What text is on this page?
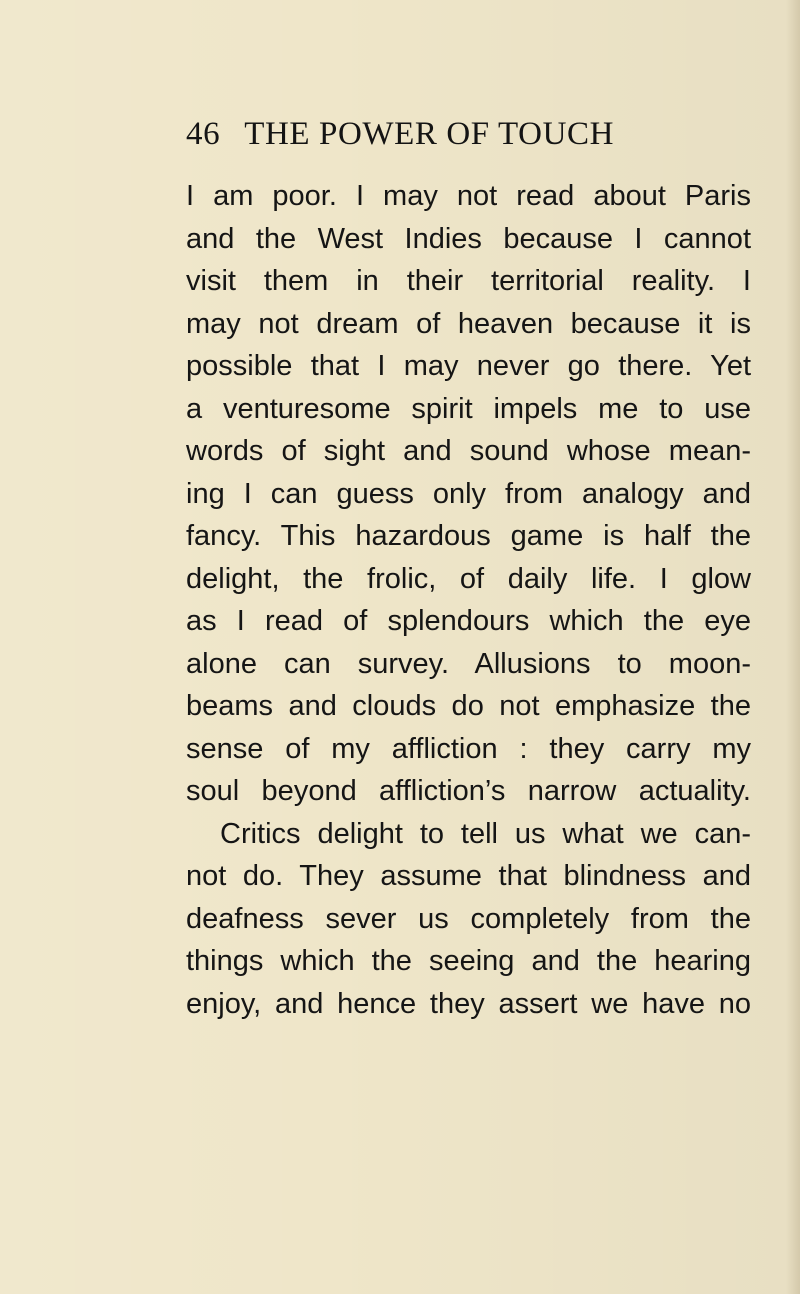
46 THE POWER OF TOUCH
I am poor. I may not read about Paris
and the West Indies because I cannot
visit them in their territorial reality. I
may not dream of heaven because it is
possible that I may never go there. Yet
a venturesome spirit impels me to use
words of sight and sound whose mean-
ing I can guess only from analogy and
fancy. This hazardous game is half the
delight, the frolic, of daily life. I glow
as I read of splendours which the eye
alone can survey. Allusions to moon-
beams and clouds do not emphasize the
sense of my affliction : they carry my
soul beyond affliction’s narrow actuality.
Critics delight to tell us what we can-
not do. They assume that blindness and
deafness sever us completely from the
things which the seeing and the hearing
enjoy, and hence they assert we have no
